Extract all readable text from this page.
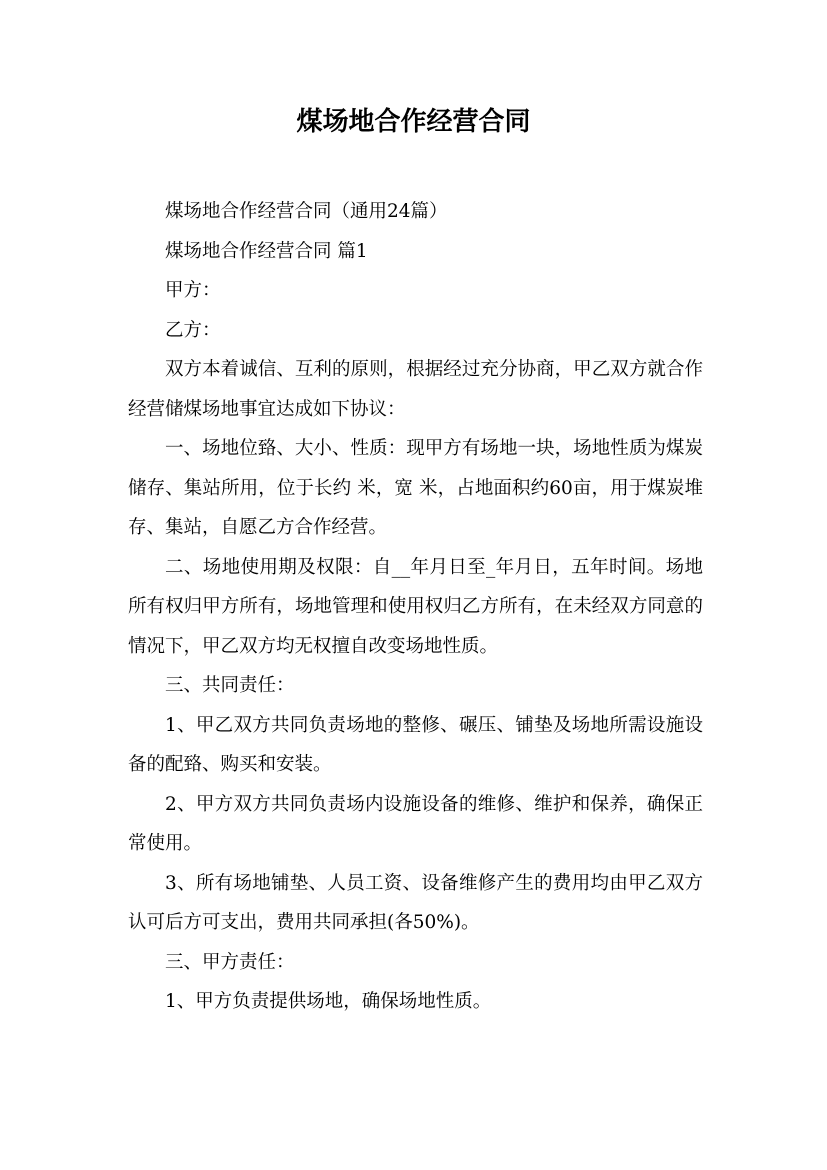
煤场地合作经营合同

煤场地合作经营合同（通用24篇）

煤场地合作经营合同 篇1

甲方：

乙方：

双方本着诚信、互利的原则，根据经过充分协商，甲乙双方就合作经营储煤场地事宜达成如下协议：

一、场地位臵、大小、性质：现甲方有场地一块，场地性质为煤炭储存、集站所用，位于长约 米，宽 米，占地面积约60亩，用于煤炭堆存、集站，自愿乙方合作经营。

二、场地使用期及权限：自__年月日至_年月日，五年时间。场地所有权归甲方所有，场地管理和使用权归乙方所有，在未经双方同意的情况下，甲乙双方均无权擅自改变场地性质。

三、共同责任：

1、甲乙双方共同负责场地的整修、碾压、铺垫及场地所需设施设备的配臵、购买和安装。

2、甲方双方共同负责场内设施设备的维修、维护和保养，确保正常使用。

3、所有场地铺垫、人员工资、设备维修产生的费用均由甲乙双方认可后方可支出，费用共同承担(各50%)。

三、甲方责任：

1、甲方负责提供场地，确保场地性质。
